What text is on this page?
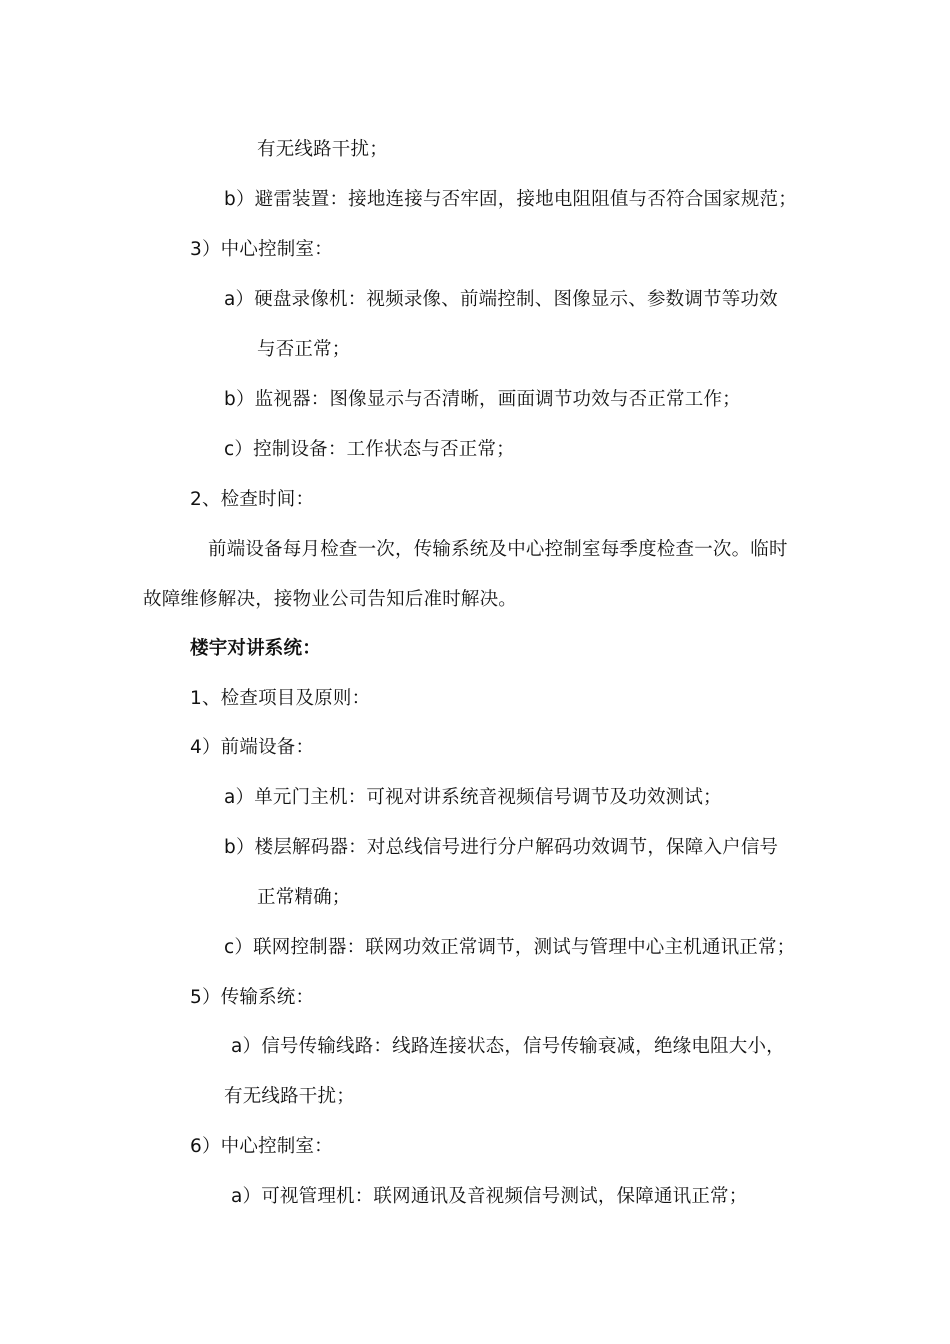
有无线路干扰；
b）避雷装置：接地连接与否牢固，接地电阻阻值与否符合国家规范；
3）中心控制室：
a）硬盘录像机：视频录像、前端控制、图像显示、参数调节等功效
与否正常；
b）监视器：图像显示与否清晰，画面调节功效与否正常工作；
c）控制设备：工作状态与否正常；
2、检查时间：
前端设备每月检查一次，传输系统及中心控制室每季度检查一次。临时
故障维修解决，接物业公司告知后准时解决。
楼宇对讲系统：
1、检查项目及原则：
4）前端设备：
a）单元门主机：可视对讲系统音视频信号调节及功效测试；
b）楼层解码器：对总线信号进行分户解码功效调节，保障入户信号
正常精确；
c）联网控制器：联网功效正常调节，测试与管理中心主机通讯正常；
5）传输系统：
a）信号传输线路：线路连接状态，信号传输衰减，绝缘电阻大小，
有无线路干扰；
6）中心控制室：
a）可视管理机：联网通讯及音视频信号测试，保障通讯正常；
